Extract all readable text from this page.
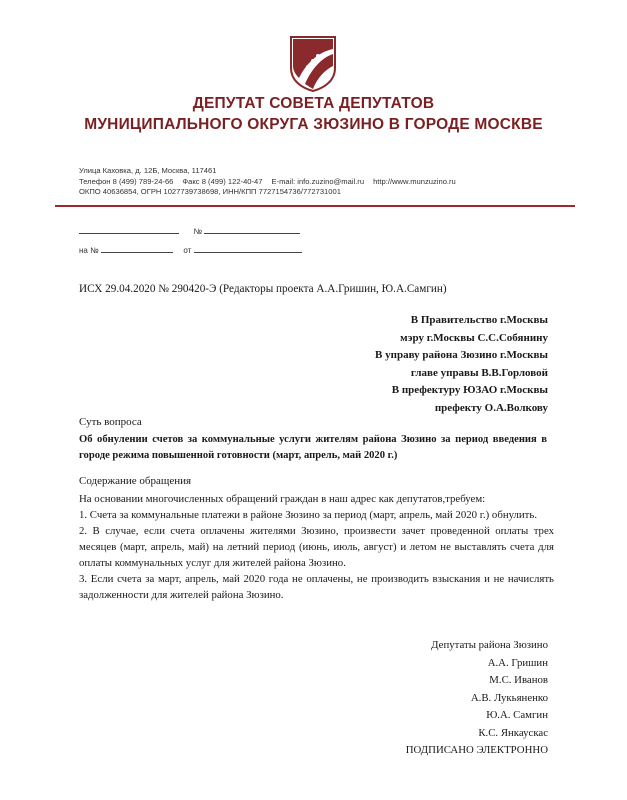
ДЕПУТАТ СОВЕТА ДЕПУТАТОВ
МУНИЦИПАЛЬНОГО ОКРУГА ЗЮЗИНО В ГОРОДЕ МОСКВЕ
Улица Каховка, д. 12Б, Москва, 117461
Телефон 8 (499) 789-24-66 Факс 8 (499) 122-40-47 E-mail: info.zuzino@mail.ru http://www.munzuzino.ru
ОКПО 40636854, ОГРН 1027739738698, ИНН/КПП 7727154736/772731001
№
на №	от
ИСХ 29.04.2020 № 290420-Э (Редакторы проекта А.А.Гришин, Ю.А.Самгин)
В Правительство г.Москвы
мэру г.Москвы С.С.Собянину
В управу района Зюзино г.Москвы
главе управы В.В.Горловой
В префектуру ЮЗАО г.Москвы
префекту О.А.Волкову
Суть вопроса
Об обнулении счетов за коммунальные услуги жителям района Зюзино за период введения в городе режима повышенной готовности (март, апрель, май 2020 г.)
Содержание обращения

На основании многочисленных обращений граждан в наш адрес как депутатов,требуем:

1. Счета за коммунальные платежи в районе Зюзино за период (март, апрель, май 2020 г.) обнулить.

2. В случае, если счета оплачены жителями Зюзино, произвести зачет проведенной оплаты трех месяцев (март, апрель, май) на летний период (июнь, июль, август) и летом не выставлять счета для оплаты коммунальных услуг для жителей района Зюзино.

3. Если счета за март, апрель, май 2020 года не оплачены, не производить взыскания и не начислять задолженности для жителей района Зюзино.

Депутаты района Зюзино
А.А. Гришин
М.С. Иванов
А.В. Лукьяненко
Ю.А. Самгин
К.С. Янкаускас
ПОДПИСАНО ЭЛЕКТРОННО
